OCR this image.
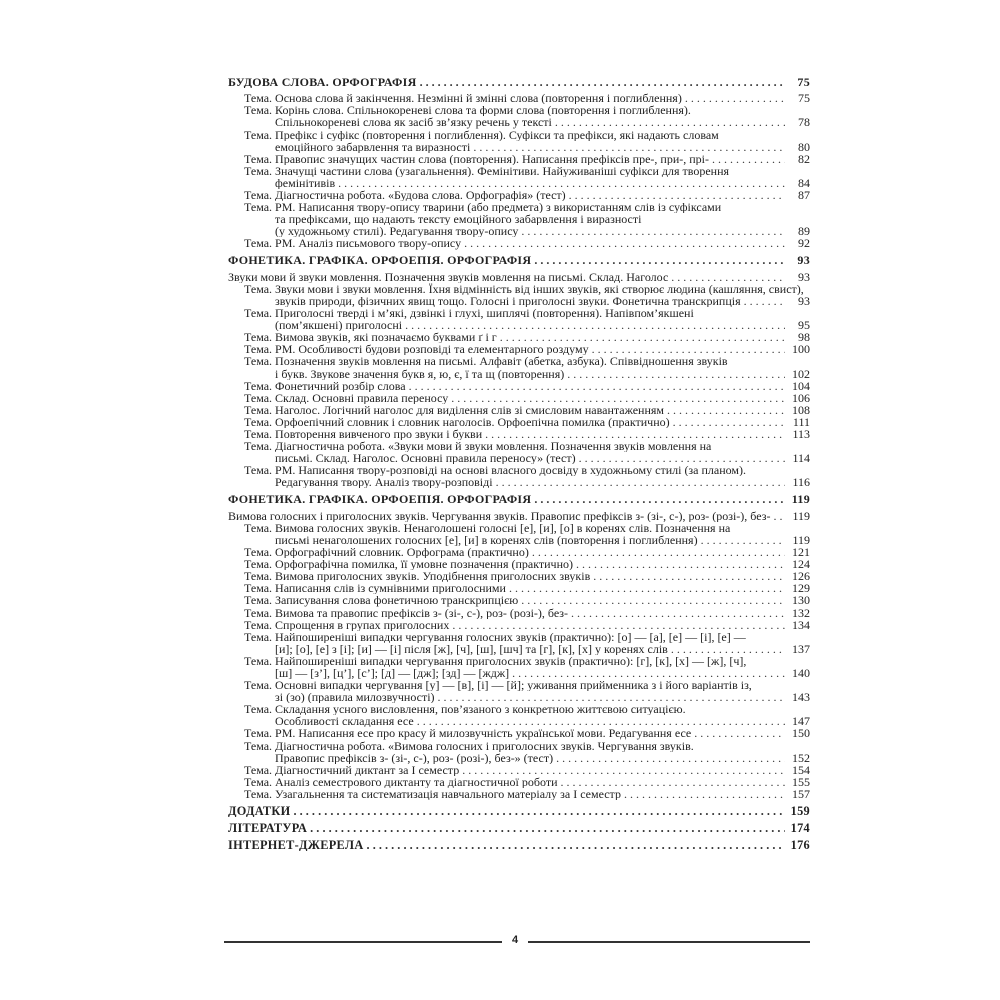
БУДОВА СЛОВА. ОРФОГРАФІЯ . . .	75
Тема. Основа слова й закінчення. Незмінні й змінні слова (повторення і поглиблення) . . .	75
Тема. Корінь слова. Спільнокореневі слова та форми слова (повторення і поглиблення).
Спільнокореневі слова як засіб зв’язку речень у тексті . . .	78
Тема. Префікс і суфікс (повторення і поглиблення). Суфікси та префікси, які надають словам
емоційного забарвлення та виразності . . .	80
Тема. Правопис значущих частин слова (повторення). Написання префіксів пре-, при-, прі- . . .	82
Тема. Значущі частини слова (узагальнення). Фемінітиви. Найуживаніші суфікси для творення
фемінітивів . . .	84
Тема. Діагностична робота. «Будова слова. Орфографія» (тест) . . .	87
Тема. РМ. Написання твору-опису тварини (або предмета) з використанням слів із суфіксами
та префіксами, що надають тексту емоційного забарвлення і виразності
(у художньому стилі). Редагування твору-опису . . .	89
Тема. РМ. Аналіз письмового твору-опису . . .	92
ФОНЕТИКА. ГРАФІКА. ОРФОЕПІЯ. ОРФОГРАФІЯ . . .	93
Звуки мови й звуки мовлення. Позначення звуків мовлення на письмі. Склад. Наголос . . .	93
Тема. Звуки мови і звуки мовлення. Їхня відмінність від інших звуків, які створює людина (кашляння, свист),
звуків природи, фізичних явищ тощо. Голосні і приголосні звуки. Фонетична транскрипція . . .	93
Тема. Приголосні тверді і м’які, дзвінкі і глухі, шиплячі (повторення). Напівпом’якшені
(пом’якшені) приголосні . . .	95
Тема. Вимова звуків, які позначаємо буквами ґ і г . . .	98
Тема. РМ. Особливості будови розповіді та елементарного роздуму . . .	100
Тема. Позначення звуків мовлення на письмі. Алфавіт (абетка, азбука). Співвідношення звуків
і букв. Звукове значення букв я, ю, є, ї та щ (повторення) . . .	102
Тема. Фонетичний розбір слова . . .	104
Тема. Склад. Основні правила переносу . . .	106
Тема. Наголос. Логічний наголос для виділення слів зі смисловим навантаженням . . .	108
Тема. Орфоепічний словник і словник наголосів. Орфоепічна помилка (практично) . . .	111
Тема. Повторення вивченого про звуки і букви . . .	113
Тема. Діагностична робота. «Звуки мови й звуки мовлення. Позначення звуків мовлення на
письмі. Склад. Наголос. Основні правила переносу» (тест) . . .	114
Тема. РМ. Написання твору-розповіді на основі власного досвіду в художньому стилі (за планом).
Редагування твору. Аналіз твору-розповіді . . .	116
ФОНЕТИКА. ГРАФІКА. ОРФОЕПІЯ. ОРФОГРАФІЯ . . .	119
Вимова голосних і приголосних звуків. Чергування звуків. Правопис префіксів з- (зі-, с-), роз- (розі-), без- . . .	119
Тема. Вимова голосних звуків. Ненаголошені голосні [е], [и], [о] в коренях слів. Позначення на
письмі ненаголошених голосних [е], [и] в коренях слів (повторення і поглиблення) . . .	119
Тема. Орфографічний словник. Орфограма (практично) . . .	121
Тема. Орфографічна помилка, її умовне позначення (практично) . . .	124
Тема. Вимова приголосних звуків. Уподібнення приголосних звуків . . .	126
Тема. Написання слів із сумнівними приголосними . . .	129
Тема. Записування слова фонетичною транскрипцією . . .	130
Тема. Вимова та правопис префіксів з- (зі-, с-), роз- (розі-), без- . . .	132
Тема. Спрощення в групах приголосних . . .	134
Тема. Найпоширеніші випадки чергування голосних звуків (практично): [о] — [а], [е] — [і], [е] —
[и]; [о], [е] з [і]; [и] — [і] після [ж], [ч], [ш], [шч] та [г], [к], [х] у коренях слів . . .	137
Тема. Найпоширеніші випадки чергування приголосних звуків (практично): [г], [к], [х] — [ж], [ч],
[ш] — [з’], [ц’], [с’]; [д] — [дж]; [зд] — [ждж] . . .	140
Тема. Основні випадки чергування [у] — [в], [і] — [й]; уживання прийменника з і його варіантів із,
зі (зо) (правила милозвучності) . . .	143
Тема. Складання усного висловлення, пов’язаного з конкретною життєвою ситуацією.
Особливості складання есе . . .	147
Тема. РМ. Написання есе про красу й милозвучність української мови. Редагування есе . . .	150
Тема. Діагностична робота. «Вимова голосних і приголосних звуків. Чергування звуків.
Правопис префіксів з- (зі-, с-), роз- (розі-), без-» (тест) . . .	152
Тема. Діагностичний диктант за І семестр . . .	154
Тема. Аналіз семестрового диктанту та діагностичної роботи . . .	155
Тема. Узагальнення та систематизація навчального матеріалу за І семестр . . .	157
ДОДАТКИ . . .	159
ЛІТЕРАТУРА . . .	174
ІНТЕРНЕТ-ДЖЕРЕЛА . . .	176
4
